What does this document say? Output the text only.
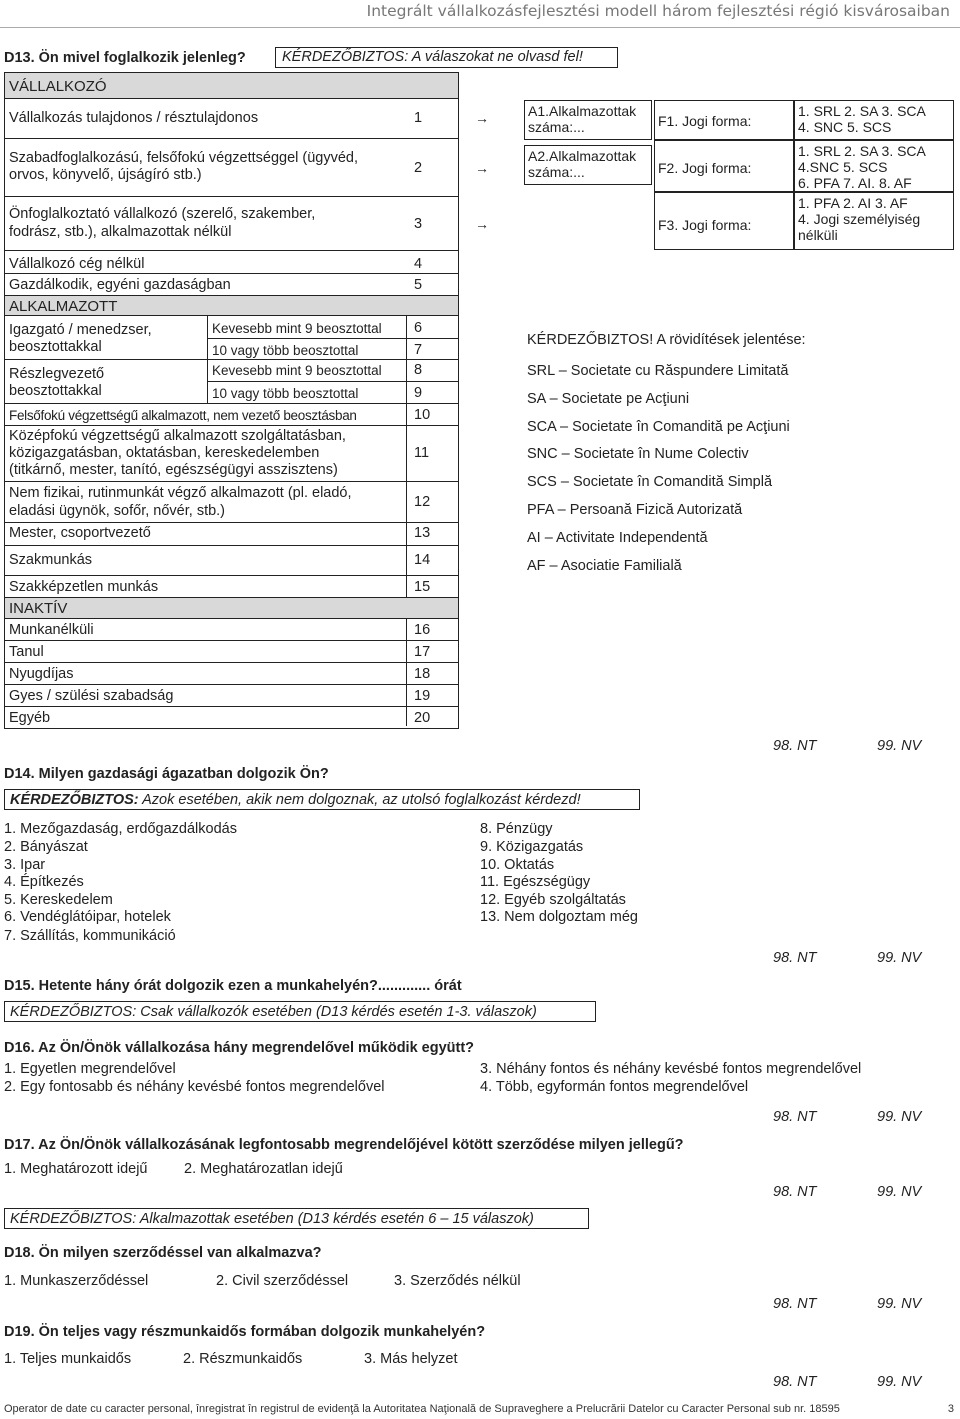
Integrált vállalkozásfejlesztési modell három fejlesztési régió kisvárosaiban
D13. Ön mivel foglalkozik jelenleg?	KÉRDEZŐBIZTOS: A válaszokat ne olvasd fel!
VÁLLALKOZÓ
Vállalkozás tulajdonos / résztulajdonos	1	→
Szabadfoglalkozású, felsőfokú végzettséggel (ügyvéd,
orvos, könyvelő, újságíró stb.)	2	→
Önfoglalkoztató vállalkozó (szerelő, szakember,
fodrász, stb.), alkalmazottak nélkül	3	→
Vállalkozó cég nélkül	4
Gazdálkodik, egyéni gazdaságban	5
ALKALMAZOTT
Igazgató / menedzser,
beosztottakkal
Kevesebb mint 9 beosztottal 6
10 vagy több beosztottal	7
Részlegvezető
beosztottakkal
Kevesebb mint 9 beosztottal 8
10 vagy több beosztottal	9
Felsőfokú végzettségű alkalmazott, nem vezető beosztásban	10
Középfokú végzettségű alkalmazott szolgáltatásban,
közigazgatásban, oktatásban, kereskedelemben
(titkárnő, mester, tanító, egészségügyi asszisztens)
11
Nem fizikai, rutinmunkát végző alkalmazott (pl. eladó,
eladási ügynök, sofőr, nővér, stb.)
12
Mester, csoportvezető	13
Szakmunkás	14
Szakképzetlen munkás	15
INAKTÍV
Munkanélküli	16
Tanul	17
Nyugdíjas	18
Gyes / szülési szabadság	19
Egyéb	20
A1.Alkalmazottak
száma:...
A2.Alkalmazottak
száma:...
F1. Jogi forma:
F2. Jogi forma:
F3. Jogi forma:
1. SRL 2. SA 3. SCA
4. SNC 5. SCS
1. SRL 2. SA 3. SCA
4.SNC 5. SCS
6. PFA 7. AI. 8. AF
1. PFA 2. AI 3. AF
4. Jogi személyiség
nélküli
KÉRDEZŐBIZTOS! A rövidítések jelentése:
SRL – Societate cu Răspundere Limitată
SA – Societate pe Acţiuni
SCA – Societate în Comandită pe Acţiuni
SNC – Societate în Nume Colectiv
SCS – Societate în Comandită Simplă
PFA – Persoană Fizică Autorizată
AI – Activitate Independentă
AF – Asociatie Familială
98. NT	99. NV
D14. Milyen gazdasági ágazatban dolgozik Ön?
KÉRDEZŐBIZTOS: Azok esetében, akik nem dolgoznak, az utolsó foglalkozást kérdezd!
1. Mezőgazdaság, erdőgazdálkodás
2. Bányászat
3. Ipar
4. Építkezés
5. Kereskedelem
6. Vendéglátóipar, hotelek
7. Szállítás, kommunikáció
8. Pénzügy
9. Közigazgatás
10. Oktatás
11. Egészségügy
12. Egyéb szolgáltatás
13. Nem dolgoztam még
98. NT	99. NV
D15. Hetente hány órát dolgozik ezen a munkahelyén?............. órát
KÉRDEZŐBIZTOS: Csak vállalkozók esetében (D13 kérdés esetén 1-3. válaszok)
D16. Az Ön/Önök vállalkozása hány megrendelővel működik együtt?
1. Egyetlen megrendelővel
2. Egy fontosabb és néhány kevésbé fontos megrendelővel
3. Néhány fontos és néhány kevésbé fontos megrendelővel
4. Több, egyformán fontos megrendelővel
98. NT	99. NV
D17. Az Ön/Önök vállalkozásának legfontosabb megrendelőjével kötött szerződése milyen jellegű?
1. Meghatározott idejű	2. Meghatározatlan idejű
98. NT	99. NV
KÉRDEZŐBIZTOS: Alkalmazottak esetében (D13 kérdés esetén 6 – 15 válaszok)
D18. Ön milyen szerződéssel van alkalmazva?
1. Munkaszerződéssel	2. Civil szerződéssel	3. Szerződés nélkül
98. NT	99. NV
D19. Ön teljes vagy részmunkaidős formában dolgozik munkahelyén?
1. Teljes munkaidős	2. Részmunkaidős	3. Más helyzet
98. NT	99. NV
Operator de date cu caracter personal, înregistrat în registrul de evidenţă la Autoritatea Naţională de Supraveghere a Prelucrării Datelor cu Caracter Personal sub nr. 18595	3
